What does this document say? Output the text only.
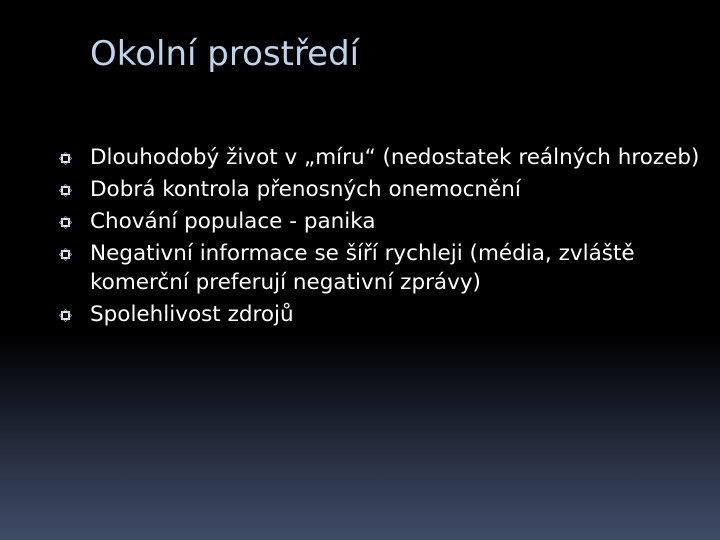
Okolní prostředí
Dlouhodobý život v „míru“ (nedostatek reálných hrozeb)
Dobrá kontrola přenosných onemocnění
Chování populace - panika
Negativní informace se šíří rychleji (média, zvláště komerční preferují negativní zprávy)
Spolehlivost zdrojů
